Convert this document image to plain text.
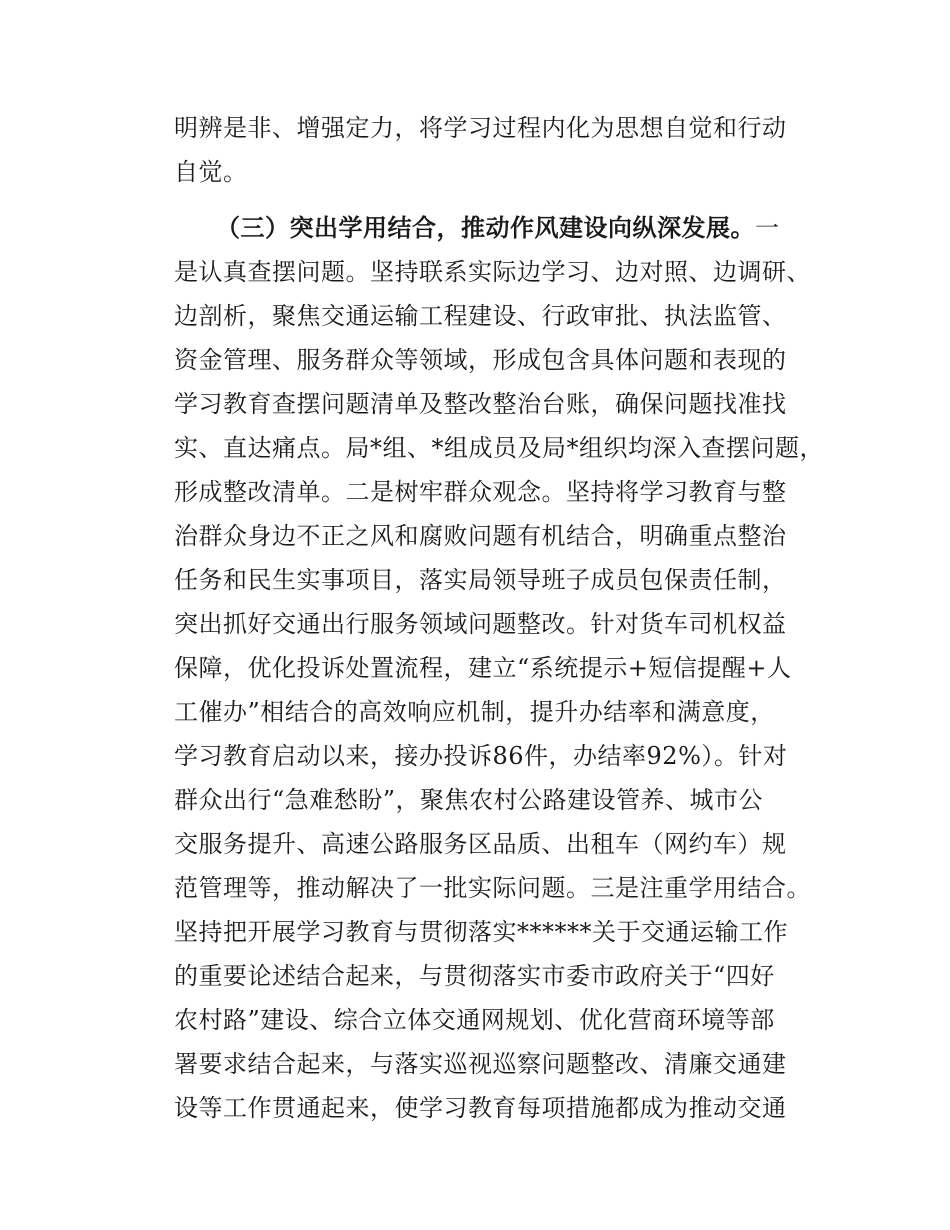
明辨是非、增强定力，将学习过程内化为思想自觉和行动

自觉。

（三）突出学用结合，推动作风建设向纵深发展。一

是认真查摆问题。坚持联系实际边学习、边对照、边调研、

边剖析，聚焦交通运输工程建设、行政审批、执法监管、

资金管理、服务群众等领域，形成包含具体问题和表现的

学习教育查摆问题清单及整改整治台账，确保问题找准找

实、直达痛点。局*组、*组成员及局*组织均深入查摆问题，

形成整改清单。二是树牢群众观念。坚持将学习教育与整

治群众身边不正之风和腐败问题有机结合，明确重点整治

任务和民生实事项目，落实局领导班子成员包保责任制，

突出抓好交通出行服务领域问题整改。针对货车司机权益

保障，优化投诉处置流程，建立“系统提示+短信提醒+人

工催办”相结合的高效响应机制，提升办结率和满意度，

学习教育启动以来，接办投诉86件，办结率92%）。针对

群众出行“急难愁盼”，聚焦农村公路建设管养、城市公

交服务提升、高速公路服务区品质、出租车（网约车）规

范管理等，推动解决了一批实际问题。三是注重学用结合。

坚持把开展学习教育与贯彻落实******关于交通运输工作

的重要论述结合起来，与贯彻落实市委市政府关于“四好

农村路”建设、综合立体交通网规划、优化营商环境等部

署要求结合起来，与落实巡视巡察问题整改、清廉交通建

设等工作贯通起来，使学习教育每项措施都成为推动交通
